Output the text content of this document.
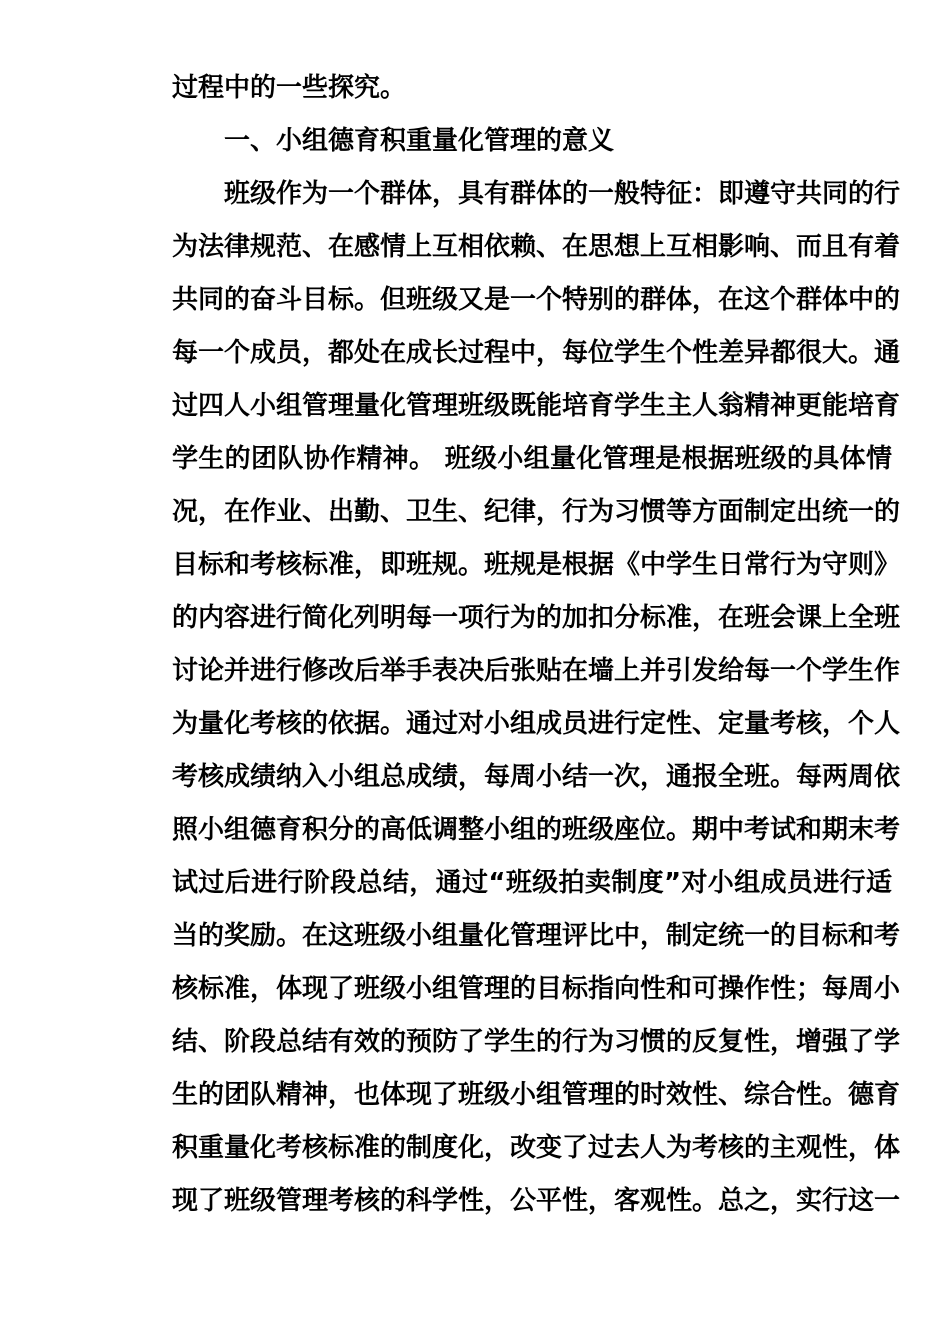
过程中的一些探究。
一、小组德育积重量化管理的意义
班级作为一个群体，具有群体的一般特征：即遵守共同的行
为法律规范、在感情上互相依赖、在思想上互相影响、而且有着
共同的奋斗目标。但班级又是一个特别的群体，在这个群体中的
每一个成员，都处在成长过程中，每位学生个性差异都很大。通
过四人小组管理量化管理班级既能培育学生主人翁精神更能培育
学生的团队协作精神。 班级小组量化管理是根据班级的具体情
况，在作业、出勤、卫生、纪律，行为习惯等方面制定出统一的
目标和考核标准，即班规。班规是根据《中学生日常行为守则》
的内容进行简化列明每一项行为的加扣分标准，在班会课上全班
讨论并进行修改后举手表决后张贴在墙上并引发给每一个学生作
为量化考核的依据。通过对小组成员进行定性、定量考核，个人
考核成绩纳入小组总成绩，每周小结一次，通报全班。每两周依
照小组德育积分的高低调整小组的班级座位。期中考试和期末考
试过后进行阶段总结，通过“班级拍卖制度”对小组成员进行适
当的奖励。在这班级小组量化管理评比中，制定统一的目标和考
核标准，体现了班级小组管理的目标指向性和可操作性；每周小
结、阶段总结有效的预防了学生的行为习惯的反复性，增强了学
生的团队精神，也体现了班级小组管理的时效性、综合性。德育
积重量化考核标准的制度化，改变了过去人为考核的主观性，体
现了班级管理考核的科学性，公平性，客观性。总之，实行这一
